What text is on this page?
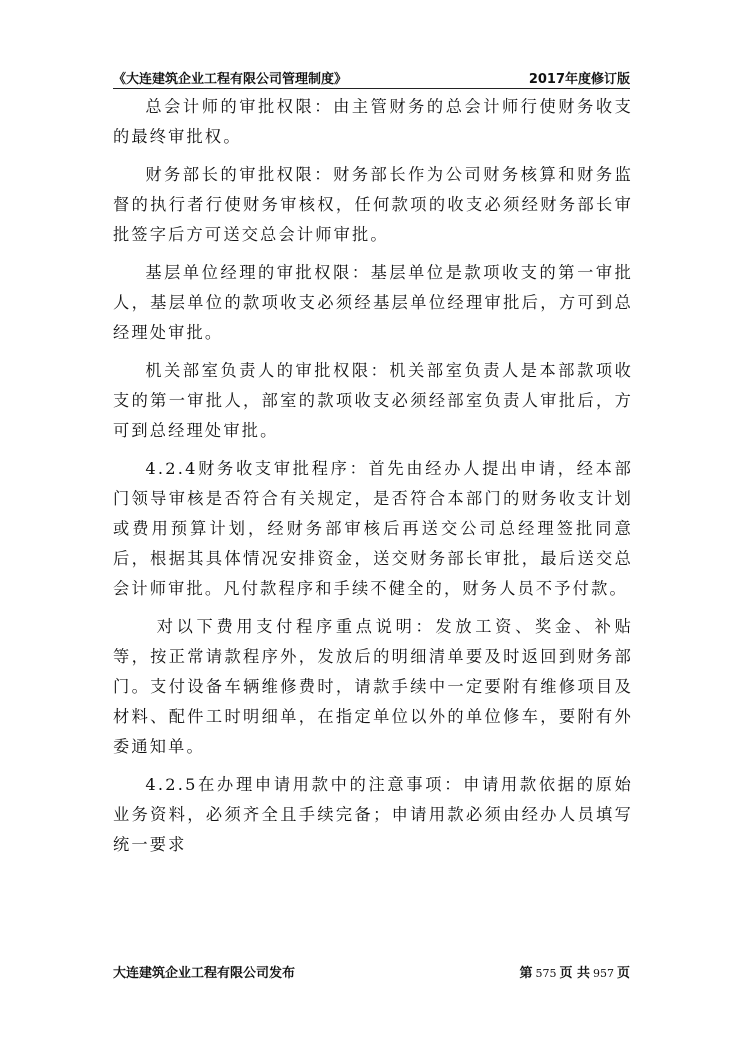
《大连建筑企业工程有限公司管理制度》	2017年度修订版

总会计师的审批权限：由主管财务的总会计师行使财务收支的最终审批权。

财务部长的审批权限：财务部长作为公司财务核算和财务监督的执行者行使财务审核权，任何款项的收支必须经财务部长审批签字后方可送交总会计师审批。

基层单位经理的审批权限：基层单位是款项收支的第一审批人，基层单位的款项收支必须经基层单位经理审批后，方可到总经理处审批。

机关部室负责人的审批权限：机关部室负责人是本部款项收支的第一审批人，部室的款项收支必须经部室负责人审批后，方可到总经理处审批。

4.2.4财务收支审批程序：首先由经办人提出申请，经本部门领导审核是否符合有关规定，是否符合本部门的财务收支计划或费用预算计划，经财务部审核后再送交公司总经理签批同意后，根据其具体情况安排资金，送交财务部长审批，最后送交总会计师审批。凡付款程序和手续不健全的，财务人员不予付款。

对以下费用支付程序重点说明：发放工资、奖金、补贴等，按正常请款程序外，发放后的明细清单要及时返回到财务部门。支付设备车辆维修费时，请款手续中一定要附有维修项目及材料、配件工时明细单，在指定单位以外的单位修车，要附有外委通知单。

4.2.5在办理申请用款中的注意事项：申请用款依据的原始业务资料，必须齐全且手续完备；申请用款必须由经办人员填写统一要求

大连建筑企业工程有限公司发布	第 575 页 共 957 页
